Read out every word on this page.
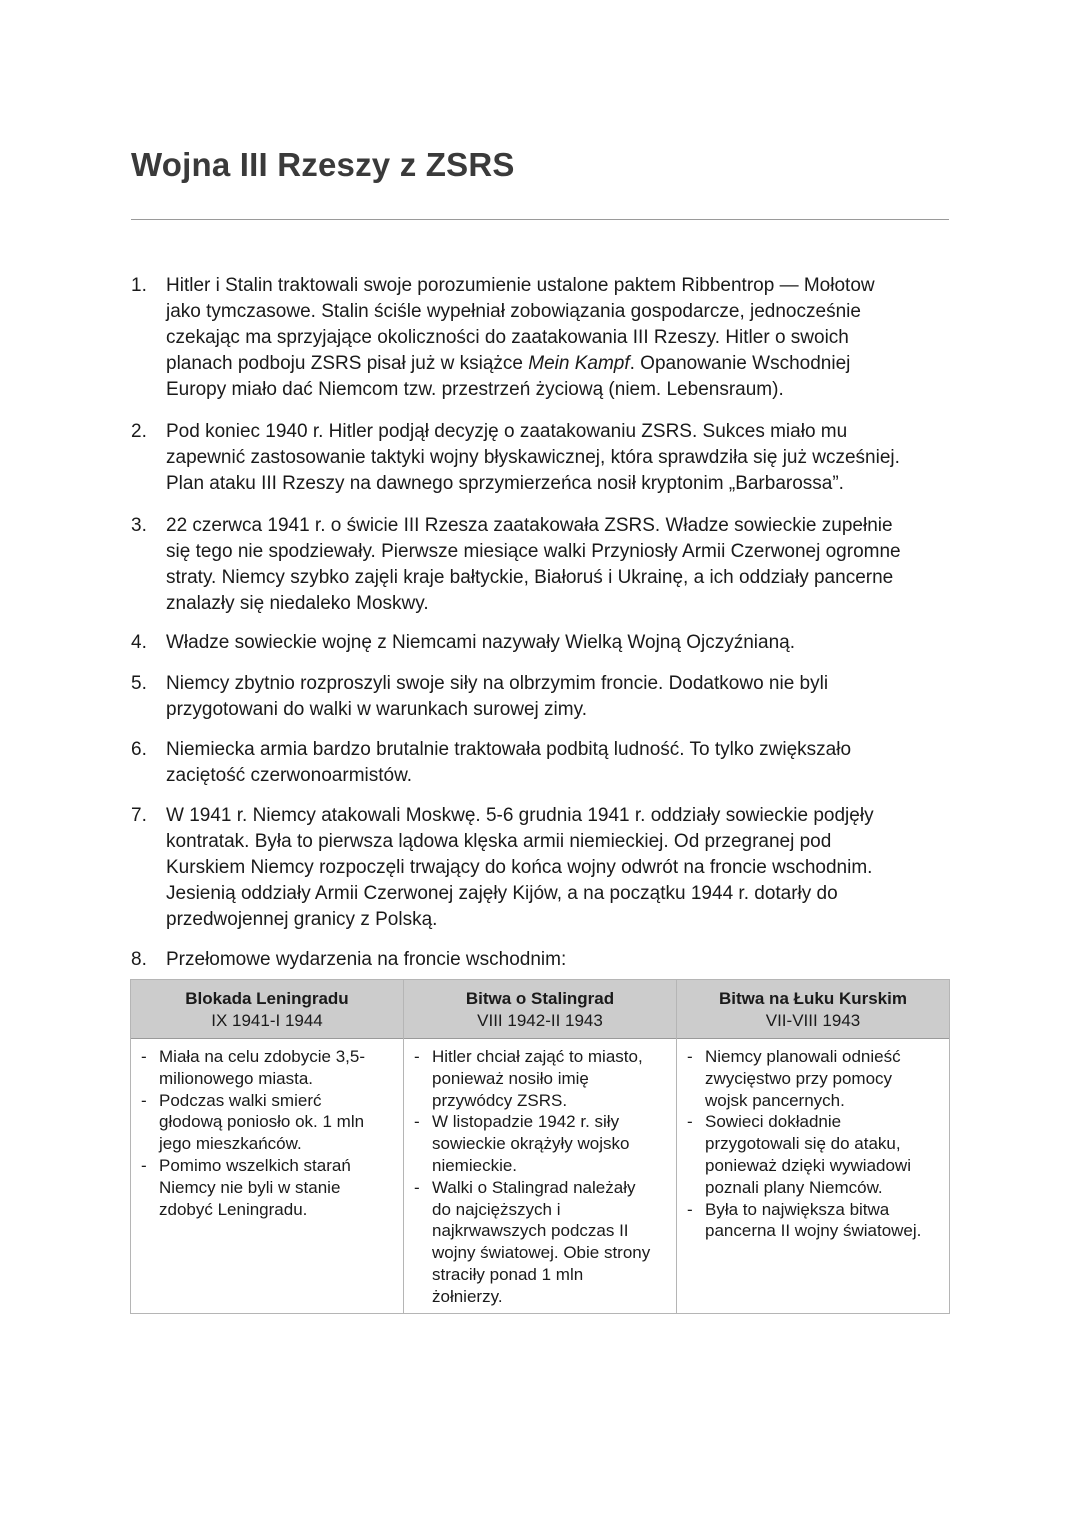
Wojna III Rzeszy z ZSRS
1. Hitler i Stalin traktowali swoje porozumienie ustalone paktem Ribbentrop — Mołotow
jako tymczasowe. Stalin ściśle wypełniał zobowiązania gospodarcze, jednocześnie
czekając ma sprzyjające okoliczności do zaatakowania III Rzeszy. Hitler o swoich
planach podboju ZSRS pisał już w książce Mein Kampf. Opanowanie Wschodniej
Europy miało dać Niemcom tzw. przestrzeń życiową (niem. Lebensraum).
2. Pod koniec 1940 r. Hitler podjął decyzję o zaatakowaniu ZSRS. Sukces miało mu
zapewnić zastosowanie taktyki wojny błyskawicznej, która sprawdziła się już wcześniej.
Plan ataku III Rzeszy na dawnego sprzymierzeńca nosił kryptonim „Barbarossa”.
3. 22 czerwca 1941 r. o świcie III Rzesza zaatakowała ZSRS. Władze sowieckie zupełnie
się tego nie spodziewały. Pierwsze miesiące walki Przyniosły Armii Czerwonej ogromne
straty. Niemcy szybko zajęli kraje bałtyckie, Białoruś i Ukrainę, a ich oddziały pancerne
znalazły się niedaleko Moskwy.
4. Władze sowieckie wojnę z Niemcami nazywały Wielką Wojną Ojczyźnianą.
5. Niemcy zbytnio rozproszyli swoje siły na olbrzymim froncie. Dodatkowo nie byli
przygotowani do walki w warunkach surowej zimy.
6. Niemiecka armia bardzo brutalnie traktowała podbitą ludność. To tylko zwiększało
zaciętość czerwonoarmistów.
7. W 1941 r. Niemcy atakowali Moskwę. 5-6 grudnia 1941 r. oddziały sowieckie podjęły
kontratak. Była to pierwsza lądowa klęska armii niemieckiej. Od przegranej pod
Kurskiem Niemcy rozpoczęli trwający do końca wojny odwrót na froncie wschodnim.
Jesienią oddziały Armii Czerwonej zajęły Kijów, a na początku 1944 r. dotarły do
przedwojennej granicy z Polską.
8. Przełomowe wydarzenia na froncie wschodnim:
Blokada Leningradu
IX 1941-I 1944
- Miała na celu zdobycie 3,5-
milionowego miasta.
- Podczas walki smierć
głodową poniosło ok. 1 mln
jego mieszkańców.
- Pomimo wszelkich starań
Niemcy nie byli w stanie
zdobyć Leningradu.
Bitwa o Stalingrad
VIII 1942-II 1943
- Hitler chciał zająć to miasto,
ponieważ nosiło imię
przywódcy ZSRS.
- W listopadzie 1942 r. siły
sowieckie okrążyły wojsko
niemieckie.
- Walki o Stalingrad należały
do najcięższych i
najkrwawszych podczas II
wojny światowej. Obie strony
straciły ponad 1 mln
żołnierzy.
Bitwa na Łuku Kurskim
VII-VIII 1943
- Niemcy planowali odnieść
zwycięstwo przy pomocy
wojsk pancernych.
- Sowieci dokładnie
przygotowali się do ataku,
ponieważ dzięki wywiadowi
poznali plany Niemców.
- Była to największa bitwa
pancerna II wojny światowej.
